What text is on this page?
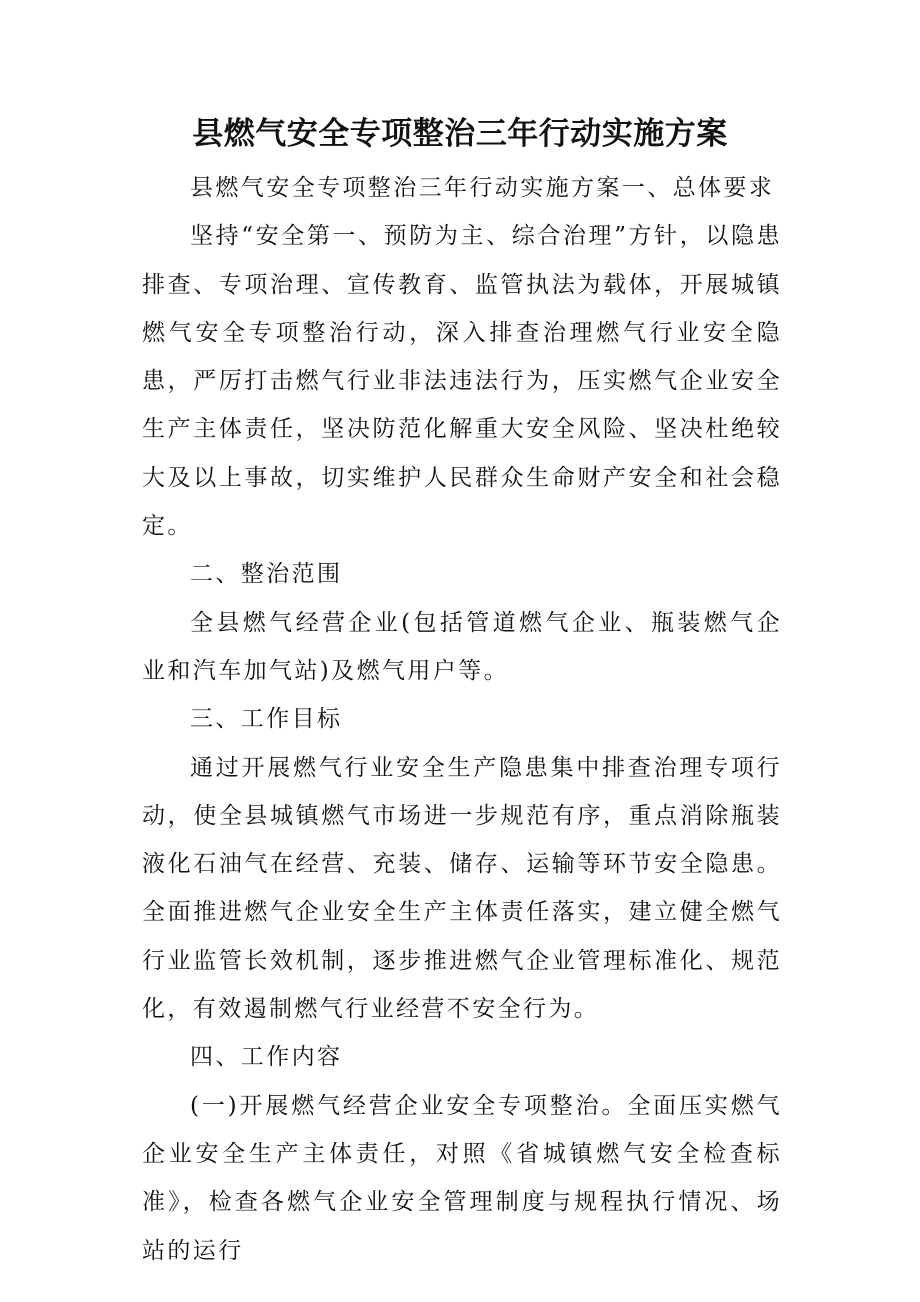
县燃气安全专项整治三年行动实施方案

县燃气安全专项整治三年行动实施方案一、总体要求

坚持“安全第一、预防为主、综合治理”方针，以隐患排查、专项治理、宣传教育、监管执法为载体，开展城镇燃气安全专项整治行动，深入排查治理燃气行业安全隐患，严厉打击燃气行业非法违法行为，压实燃气企业安全生产主体责任，坚决防范化解重大安全风险、坚决杜绝较大及以上事故，切实维护人民群众生命财产安全和社会稳定。

二、整治范围

全县燃气经营企业(包括管道燃气企业、瓶装燃气企业和汽车加气站)及燃气用户等。

三、工作目标

通过开展燃气行业安全生产隐患集中排查治理专项行动，使全县城镇燃气市场进一步规范有序，重点消除瓶装液化石油气在经营、充装、储存、运输等环节安全隐患。全面推进燃气企业安全生产主体责任落实，建立健全燃气行业监管长效机制，逐步推进燃气企业管理标准化、规范化，有效遏制燃气行业经营不安全行为。

四、工作内容

(一)开展燃气经营企业安全专项整治。全面压实燃气企业安全生产主体责任，对照《省城镇燃气安全检查标准》，检查各燃气企业安全管理制度与规程执行情况、场站的运行
